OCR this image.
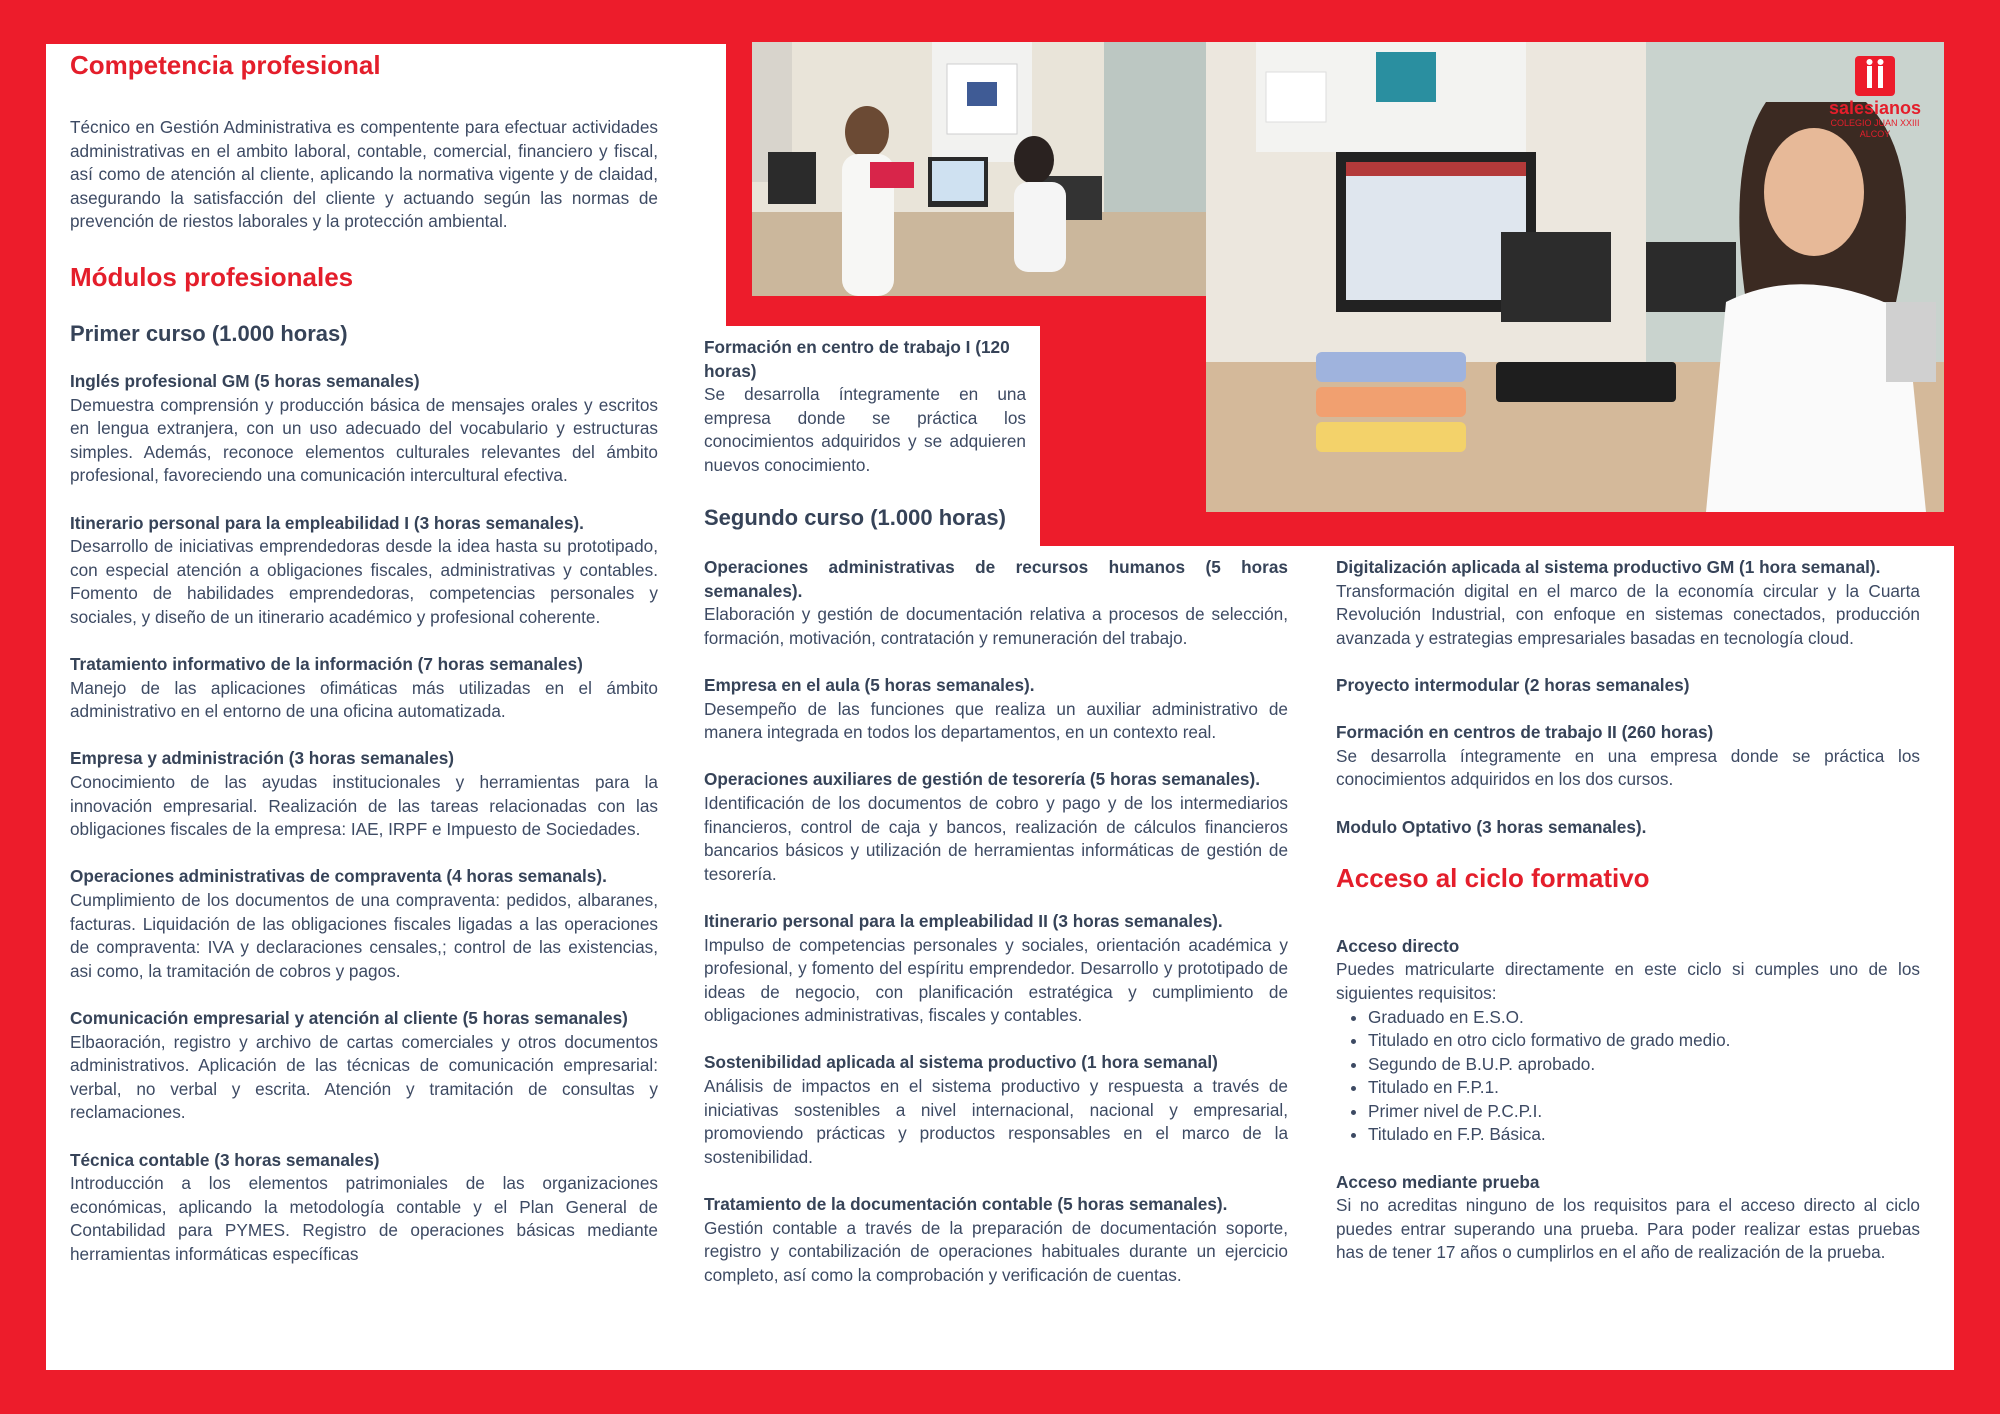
salesianos
COLEGIO JUAN XXIII
ALCOY
Competencia profesional

Técnico en Gestión Administrativa es compentente para efectuar actividades administrativas en el ambito laboral, contable, comercial, financiero y fiscal, así como de atención al cliente, aplicando la normativa vigente y de claidad, asegurando la satisfacción del cliente y actuando según las normas de prevención de riestos laborales y la protección ambiental.

Módulos profesionales
Primer curso (1.000 horas)

Inglés profesional GM (5 horas semanales)

Demuestra comprensión y producción básica de mensajes orales y escritos en lengua extranjera, con un uso adecuado del vocabulario y estructuras simples. Además, reconoce elementos culturales relevantes del ámbito profesional, favoreciendo una comunicación intercultural efectiva.

Itinerario personal para la empleabilidad I (3 horas semanales).

Desarrollo de iniciativas emprendedoras desde la idea hasta su prototipado, con especial atención a obligaciones fiscales, administrativas y contables. Fomento de habilidades emprendedoras, competencias personales y sociales, y diseño de un itinerario académico y profesional coherente.

Tratamiento informativo de la información (7 horas semanales)

Manejo de las aplicaciones ofimáticas más utilizadas en el ámbito administrativo en el entorno de una oficina automatizada.

Empresa y administración (3 horas semanales)

Conocimiento de las ayudas institucionales y herramientas para la innovación empresarial. Realización de las tareas relacionadas con las obligaciones fiscales de la empresa: IAE, IRPF e Impuesto de Sociedades.

Operaciones administrativas de compraventa (4 horas semanals).

Cumplimiento de los documentos de una compraventa: pedidos, albaranes, facturas. Liquidación de las obligaciones fiscales ligadas a las operaciones de compraventa: IVA y declaraciones censales,; control de las existencias, asi como, la tramitación de cobros y pagos.

Comunicación empresarial y atención al cliente (5 horas semanales)

Elbaoración, registro y archivo de cartas comerciales y otros documentos administrativos. Aplicación de las técnicas de comunicación empresarial: verbal, no verbal y escrita. Atención y tramitación de consultas y reclamaciones.

Técnica contable (3 horas semanales)

Introducción a los elementos patrimoniales de las organizaciones económicas, aplicando la metodología contable y el Plan General de Contabilidad para PYMES. Registro de operaciones básicas mediante herramientas informáticas específicas

Formación en centro de trabajo I (120 horas)

Se desarrolla íntegramente en una empresa donde se práctica los conocimientos adquiridos y se adquieren nuevos conocimiento.

Segundo curso (1.000 horas)

Operaciones administrativas de recursos humanos (5 horas semanales).

Elaboración y gestión de documentación relativa a procesos de selección, formación, motivación, contratación y remuneración del trabajo.

Empresa en el aula (5 horas semanales).

Desempeño de las funciones que realiza un auxiliar administrativo de manera integrada en todos los departamentos, en un contexto real.

Operaciones auxiliares de gestión de tesorería (5 horas semanales).

Identificación de los documentos de cobro y pago y de los intermediarios financieros, control de caja y bancos, realización de cálculos financieros bancarios básicos y utilización de herramientas informáticas de gestión de tesorería.

Itinerario personal para la empleabilidad II (3 horas semanales).

Impulso de competencias personales y sociales, orientación académica y profesional, y fomento del espíritu emprendedor. Desarrollo y prototipado de ideas de negocio, con planificación estratégica y cumplimiento de obligaciones administrativas, fiscales y contables.

Sostenibilidad aplicada al sistema productivo (1 hora semanal)

Análisis de impactos en el sistema productivo y respuesta a través de iniciativas sostenibles a nivel internacional, nacional y empresarial, promoviendo prácticas y productos responsables en el marco de la sostenibilidad.

Tratamiento de la documentación contable (5 horas semanales).

Gestión contable a través de la preparación de documentación soporte, registro y contabilización de operaciones habituales durante un ejercicio completo, así como la comprobación y verificación de cuentas.

Digitalización aplicada al sistema productivo GM (1 hora semanal).

Transformación digital en el marco de la economía circular y la Cuarta Revolución Industrial, con enfoque en sistemas conectados, producción avanzada y estrategias empresariales basadas en tecnología cloud.

Proyecto intermodular (2 horas semanales)

Formación en centros de trabajo II (260 horas)

Se desarrolla íntegramente en una empresa donde se práctica los conocimientos adquiridos en los dos cursos.

Modulo Optativo (3 horas semanales).

Acceso al ciclo formativo

Acceso directo

Puedes matricularte directamente en este ciclo si cumples uno de los siguientes requisitos:

• Graduado en E.S.O.
• Titulado en otro ciclo formativo de grado medio.
• Segundo de B.U.P. aprobado.
• Titulado en F.P.1.
• Primer nivel de P.C.P.I.
• Titulado en F.P. Básica.

Acceso mediante prueba

Si no acreditas ninguno de los requisitos para el acceso directo al ciclo puedes entrar superando una prueba. Para poder realizar estas pruebas has de tener 17 años o cumplirlos en el año de realización de la prueba.
